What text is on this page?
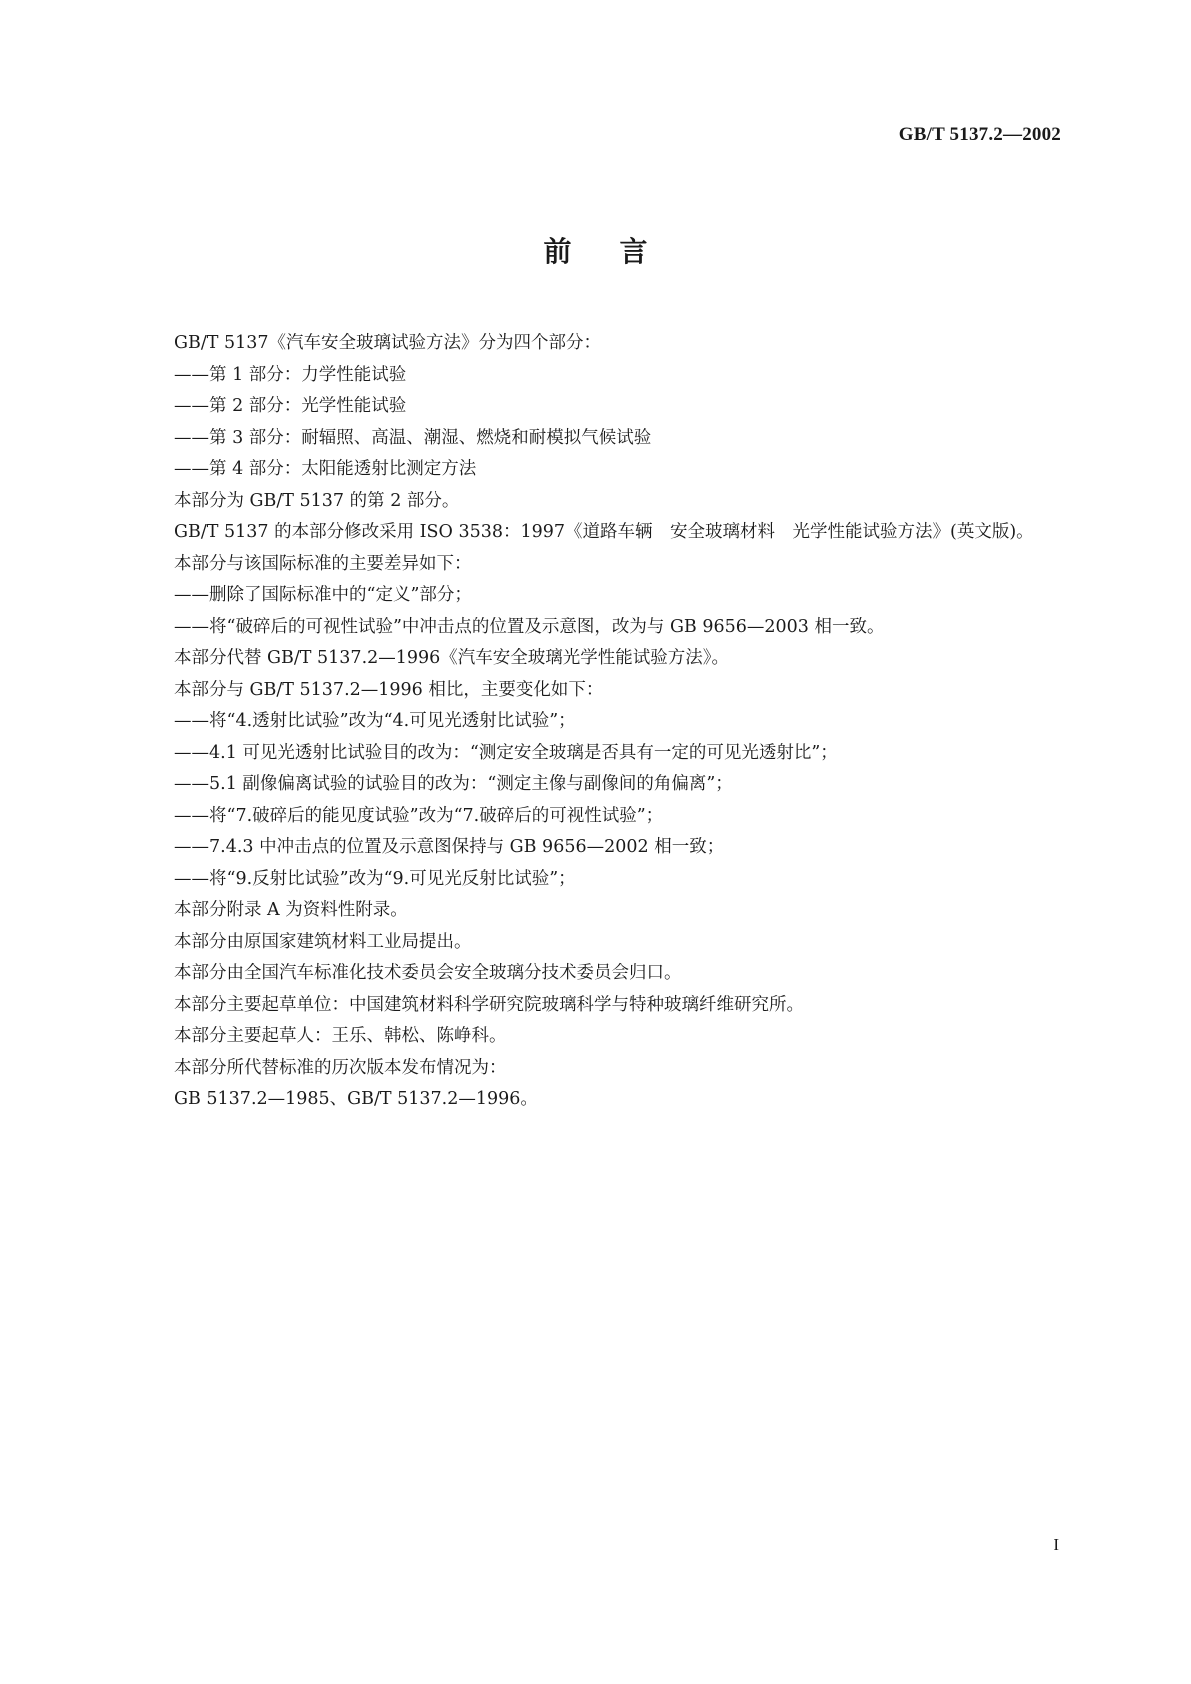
GB/T 5137.2—2002
前言

GB/T 5137《汽车安全玻璃试验方法》分为四个部分：

——第 1 部分：力学性能试验

——第 2 部分：光学性能试验

——第 3 部分：耐辐照、高温、潮湿、燃烧和耐模拟气候试验

——第 4 部分：太阳能透射比测定方法

本部分为 GB/T 5137 的第 2 部分。

GB/T 5137 的本部分修改采用 ISO 3538：1997《道路车辆　安全玻璃材料　光学性能试验方法》(英文版)。

本部分与该国际标准的主要差异如下：

——删除了国际标准中的“定义”部分；

——将“破碎后的可视性试验”中冲击点的位置及示意图，改为与 GB 9656—2003 相一致。

本部分代替 GB/T 5137.2—1996《汽车安全玻璃光学性能试验方法》。

本部分与 GB/T 5137.2—1996 相比，主要变化如下：

——将“4.透射比试验”改为“4.可见光透射比试验”；

——4.1 可见光透射比试验目的改为：“测定安全玻璃是否具有一定的可见光透射比”；

——5.1 副像偏离试验的试验目的改为：“测定主像与副像间的角偏离”；

——将“7.破碎后的能见度试验”改为“7.破碎后的可视性试验”；

——7.4.3 中冲击点的位置及示意图保持与 GB 9656—2002 相一致；

——将“9.反射比试验”改为“9.可见光反射比试验”；

本部分附录 A 为资料性附录。

本部分由原国家建筑材料工业局提出。

本部分由全国汽车标准化技术委员会安全玻璃分技术委员会归口。

本部分主要起草单位：中国建筑材料科学研究院玻璃科学与特种玻璃纤维研究所。

本部分主要起草人：王乐、韩松、陈峥科。

本部分所代替标准的历次版本发布情况为：

GB 5137.2—1985、GB/T 5137.2—1996。

I
